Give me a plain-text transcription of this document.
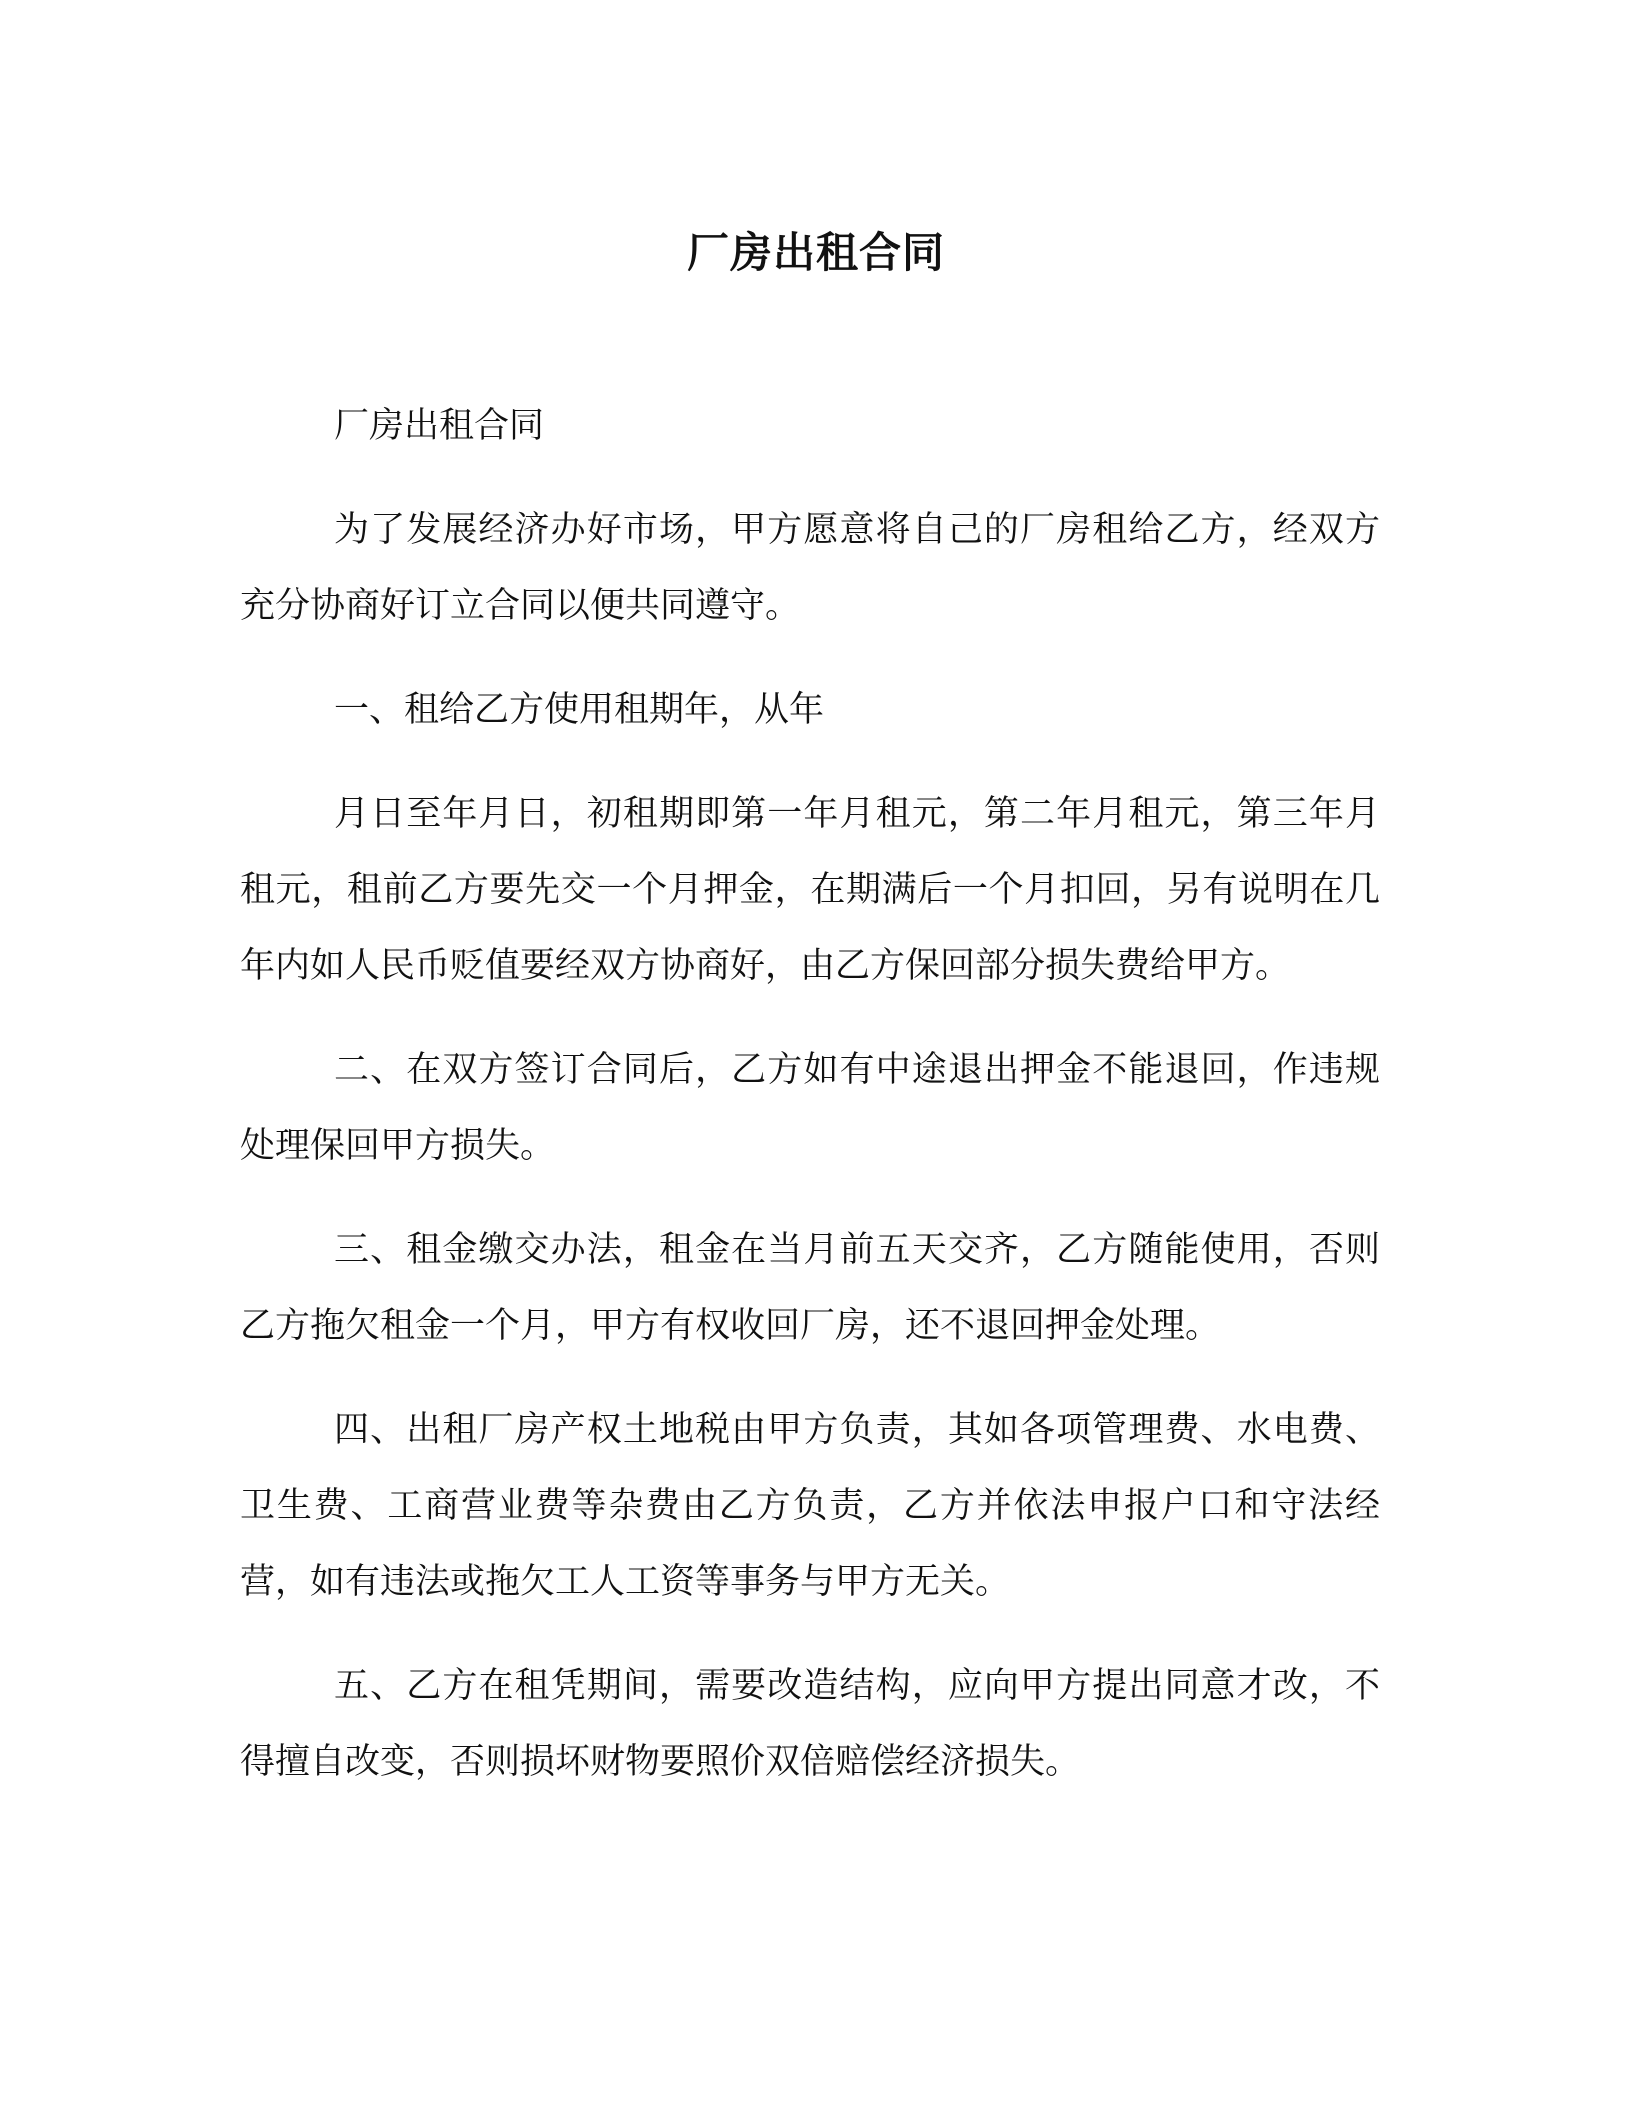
厂房出租合同

厂房出租合同

为了发展经济办好市场，甲方愿意将自己的厂房租给乙方，经双方充分协商好订立合同以便共同遵守。

一、租给乙方使用租期年，从年

月日至年月日，初租期即第一年月租元，第二年月租元，第三年月租元，租前乙方要先交一个月押金，在期满后一个月扣回，另有说明在几年内如人民币贬值要经双方协商好，由乙方保回部分损失费给甲方。

二、在双方签订合同后，乙方如有中途退出押金不能退回，作违规处理保回甲方损失。

三、租金缴交办法，租金在当月前五天交齐，乙方随能使用，否则乙方拖欠租金一个月，甲方有权收回厂房，还不退回押金处理。

四、出租厂房产权土地税由甲方负责，其如各项管理费、水电费、卫生费、工商营业费等杂费由乙方负责，乙方并依法申报户口和守法经营，如有违法或拖欠工人工资等事务与甲方无关。

五、乙方在租凭期间，需要改造结构，应向甲方提出同意才改，不得擅自改变，否则损坏财物要照价双倍赔偿经济损失。
